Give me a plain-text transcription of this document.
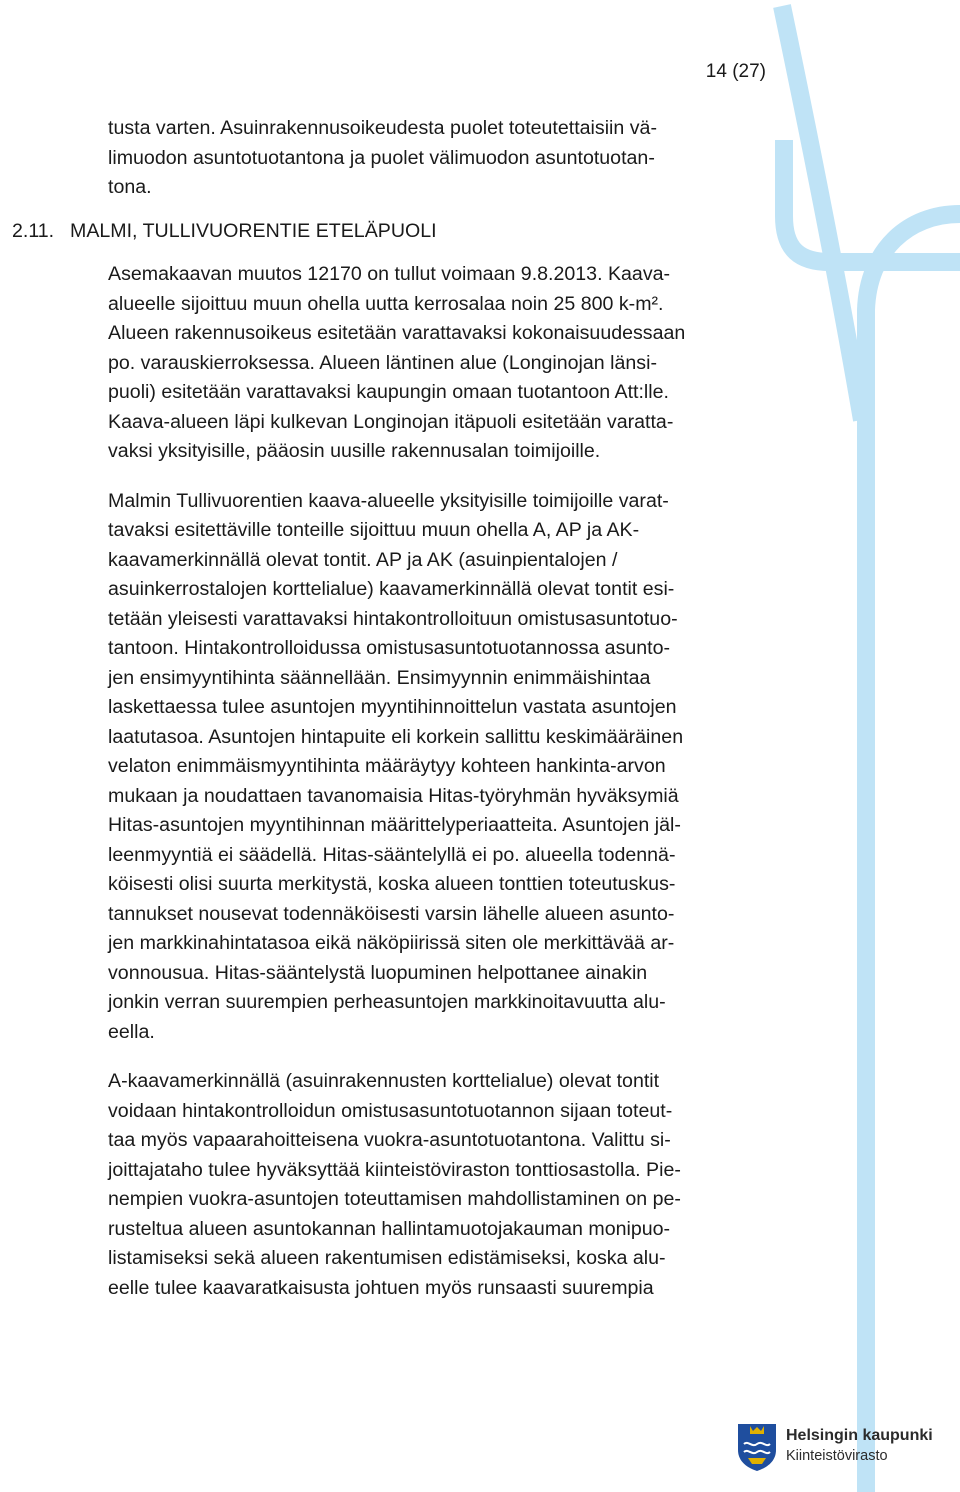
14 (27)
tusta varten. Asuinrakennusoikeudesta puolet toteutettaisiin vä-
limuodon asuntotuotantona ja puolet välimuodon asuntotuotan-
tona.
2.11. MALMI, TULLIVUORENTIE ETELÄPUOLI
Asemakaavan muutos 12170 on tullut voimaan 9.8.2013. Kaava-
alueelle sijoittuu muun ohella uutta kerrosalaa noin 25 800 k-m².
Alueen rakennusoikeus esitetään varattavaksi kokonaisuudessaan
po. varauskierroksessa. Alueen läntinen alue (Longinojan länsi-
puoli) esitetään varattavaksi kaupungin omaan tuotantoon Att:lle.
Kaava-alueen läpi kulkevan Longinojan itäpuoli esitetään varatta-
vaksi yksityisille, pääosin uusille rakennusalan toimijoille.
Malmin Tullivuorentien kaava-alueelle yksityisille toimijoille varat-
tavaksi esitettäville tonteille sijoittuu muun ohella A, AP ja AK-
kaavamerkinnällä olevat tontit. AP ja AK (asuinpientalojen /
asuinkerrostalojen korttelialue) kaavamerkinnällä olevat tontit esi-
tetään yleisesti varattavaksi hintakontrolloituun omistusasuntotuo-
tantoon. Hintakontrolloidussa omistusasuntotuotannossa asunto-
jen ensimyyntihinta säännellään. Ensimyynnin enimmäishintaa
laskettaessa tulee asuntojen myyntihinnoittelun vastata asuntojen
laatutasoa. Asuntojen hintapuite eli korkein sallittu keskimääräinen
velaton enimmäismyyntihinta määräytyy kohteen hankinta-arvon
mukaan ja noudattaen tavanomaisia Hitas-työryhmän hyväksymiä
Hitas-asuntojen myyntihinnan määrittelyperiaatteita. Asuntojen jäl-
leenmyyntiä ei säädellä. Hitas-sääntelyllä ei po. alueella todennä-
köisesti olisi suurta merkitystä, koska alueen tonttien toteutuskus-
tannukset nousevat todennäköisesti varsin lähelle alueen asunto-
jen markkinahintatasoa eikä näköpiirissä siten ole merkittävää ar-
vonnousua. Hitas-sääntelystä luopuminen helpottanee ainakin
jonkin verran suurempien perheasuntojen markkinoitavuutta alu-
eella.
A-kaavamerkinnällä (asuinrakennusten korttelialue) olevat tontit
voidaan hintakontrolloidun omistusasuntotuotannon sijaan toteut-
taa myös vapaarahoitteisena vuokra-asuntotuotantona. Valittu si-
joittajataho tulee hyväksyttää kiinteistöviraston tonttiosastolla. Pie-
nempien vuokra-asuntojen toteuttamisen mahdollistaminen on pe-
rusteltua alueen asuntokannan hallintamuotojakauman monipuo-
listamiseksi sekä alueen rakentumisen edistämiseksi, koska alu-
eelle tulee kaavaratkaisusta johtuen myös runsaasti suurempia
Helsingin kaupunki
Kiinteistövirasto
